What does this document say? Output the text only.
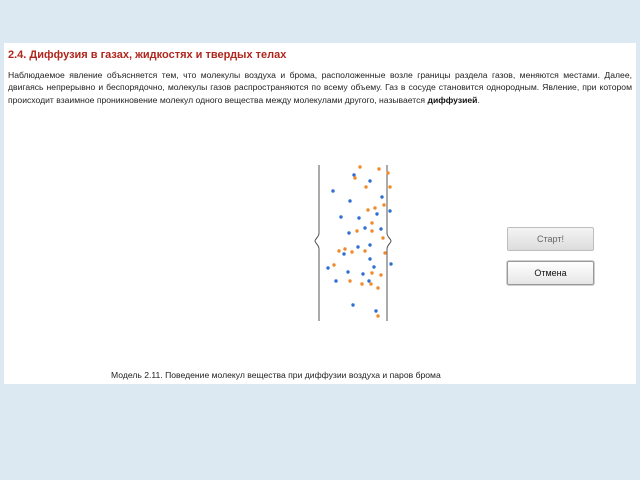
2.4. Диффузия в газах, жидкостях и твердых телах
Наблюдаемое явление объясняется тем, что молекулы воздуха и брома, расположенные возле границы раздела газов, меняются местами. Далее, двигаясь непрерывно и беспорядочно, молекулы газов распространяются по всему объему. Газ в сосуде становится однородным. Явление, при котором происходит взаимное проникновение молекул одного вещества между молекулами другого, называется диффузией.
Старт!
Отмена
Модель 2.11. Поведение молекул вещества при диффузии воздуха и паров брома
